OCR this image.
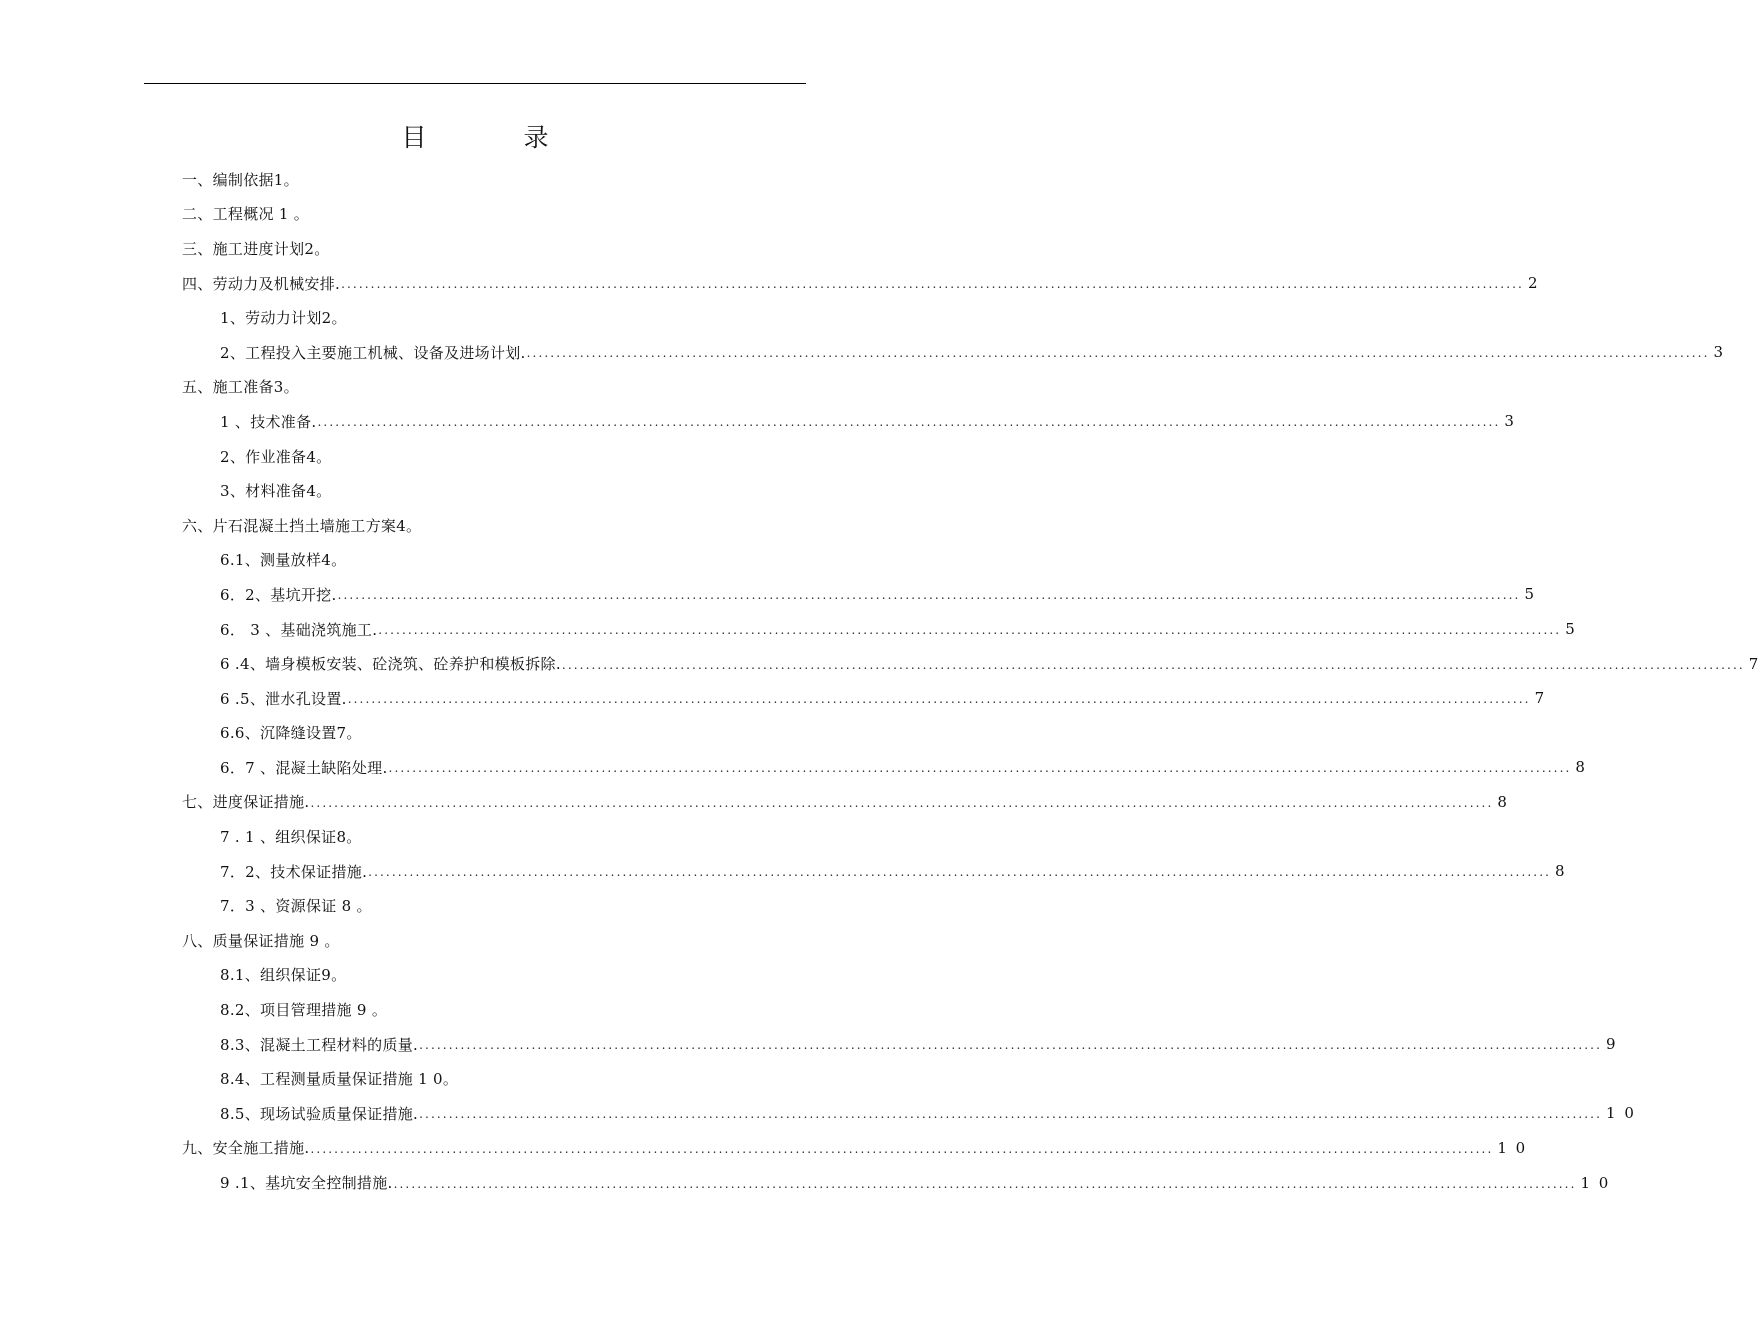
目　录
一、编制依据1。
二、工程概况 1 。
三、施工进度计划2。
四、劳动力及机械安排. ........................................................................................................................................................................................................ 2
1、劳动力计划2。
2、工程投入主要施工机械、设备及进场计划. ........................................................................................................................................................................................................ 3
五、施工准备3。
1 、技术准备. ........................................................................................................................................................................................................ 3
2、作业准备4。
3、材料准备4。
六、片石混凝土挡土墙施工方案4。
6.1、测量放样4。
6．2、基坑开挖. ........................................................................................................................................................................................................ 5
6． 3 、基础浇筑施工. ........................................................................................................................................................................................................ 5
6 .4、墙身模板安装、砼浇筑、砼养护和模板拆除. ........................................................................................................................................................................................................ 7
6 .5、泄水孔设置. ........................................................................................................................................................................................................ 7
6.6、沉降缝设置7。
6．7 、混凝土缺陷处理. ........................................................................................................................................................................................................ 8
七、进度保证措施. ........................................................................................................................................................................................................ 8
7 . 1 、组织保证8。
7．2、技术保证措施. ........................................................................................................................................................................................................ 8
7．3 、资源保证 8 。
八、质量保证措施 9 。
8.1、组织保证9。
8.2、项目管理措施 9 。
8.3、混凝土工程材料的质量. ........................................................................................................................................................................................................ 9
8.4、工程测量质量保证措施 1 0。
8.5、现场试验质量保证措施. ........................................................................................................................................................................................................ 1 0
九、安全施工措施. ........................................................................................................................................................................................................ 1 0
9 .1、基坑安全控制措施. ........................................................................................................................................................................................................ 1 0
